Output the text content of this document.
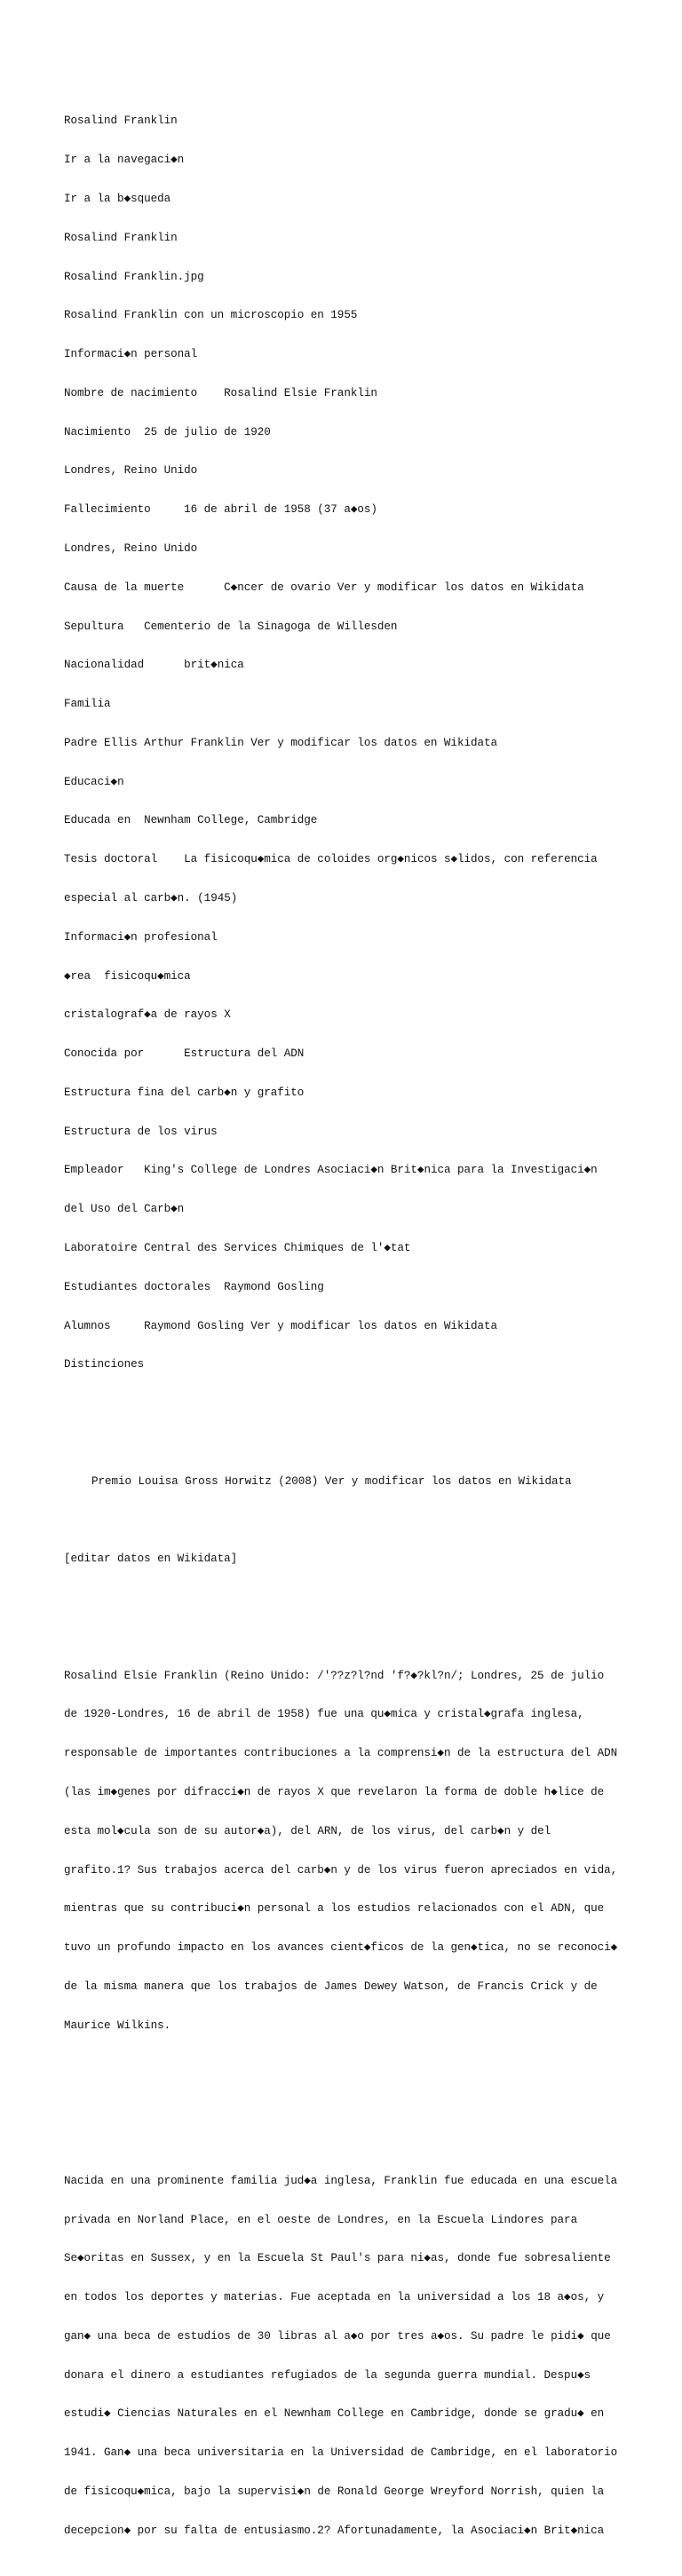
Rosalind Franklin

Ir a la navegaci◆n

Ir a la b◆squeda

Rosalind Franklin

Rosalind Franklin.jpg

Rosalind Franklin con un microscopio en 1955

Informaci◆n personal

Nombre de nacimiento    Rosalind Elsie Franklin

Nacimiento  25 de julio de 1920

Londres, Reino Unido

Fallecimiento     16 de abril de 1958 (37 a◆os)

Londres, Reino Unido

Causa de la muerte      C◆ncer de ovario Ver y modificar los datos en Wikidata

Sepultura   Cementerio de la Sinagoga de Willesden

Nacionalidad      brit◆nica

Familia

Padre Ellis Arthur Franklin Ver y modificar los datos en Wikidata

Educaci◆n

Educada en  Newnham College, Cambridge

Tesis doctoral    La fisicoqu◆mica de coloides org◆nicos s◆lidos, con referencia

especial al carb◆n. (1945)

Informaci◆n profesional

◆rea  fisicoqu◆mica

cristalograf◆a de rayos X

Conocida por      Estructura del ADN

Estructura fina del carb◆n y grafito

Estructura de los virus

Empleador   King's College de Londres Asociaci◆n Brit◆nica para la Investigaci◆n

del Uso del Carb◆n

Laboratoire Central des Services Chimiques de l'◆tat

Estudiantes doctorales  Raymond Gosling

Alumnos     Raymond Gosling Ver y modificar los datos en Wikidata

Distinciones

Premio Louisa Gross Horwitz (2008) Ver y modificar los datos en Wikidata

[editar datos en Wikidata]

Rosalind Elsie Franklin (Reino Unido: /'??z?l?nd 'f?◆?kl?n/; Londres, 25 de julio

de 1920-Londres, 16 de abril de 1958) fue una qu◆mica y cristal◆grafa inglesa,

responsable de importantes contribuciones a la comprensi◆n de la estructura del ADN

(las im◆genes por difracci◆n de rayos X que revelaron la forma de doble h◆lice de

esta mol◆cula son de su autor◆a), del ARN, de los virus, del carb◆n y del

grafito.1? Sus trabajos acerca del carb◆n y de los virus fueron apreciados en vida,

mientras que su contribuci◆n personal a los estudios relacionados con el ADN, que

tuvo un profundo impacto en los avances cient◆ficos de la gen◆tica, no se reconoci◆

de la misma manera que los trabajos de James Dewey Watson, de Francis Crick y de

Maurice Wilkins.

Nacida en una prominente familia jud◆a inglesa, Franklin fue educada en una escuela

privada en Norland Place, en el oeste de Londres, en la Escuela Lindores para

Se◆oritas en Sussex, y en la Escuela St Paul's para ni◆as, donde fue sobresaliente

en todos los deportes y materias. Fue aceptada en la universidad a los 18 a◆os, y

gan◆ una beca de estudios de 30 libras al a◆o por tres a◆os. Su padre le pidi◆ que

donara el dinero a estudiantes refugiados de la segunda guerra mundial. Despu◆s

estudi◆ Ciencias Naturales en el Newnham College en Cambridge, donde se gradu◆ en

1941. Gan◆ una beca universitaria en la Universidad de Cambridge, en el laboratorio

de fisicoqu◆mica, bajo la supervisi◆n de Ronald George Wreyford Norrish, quien la

decepcion◆ por su falta de entusiasmo.2? Afortunadamente, la Asociaci◆n Brit◆nica
